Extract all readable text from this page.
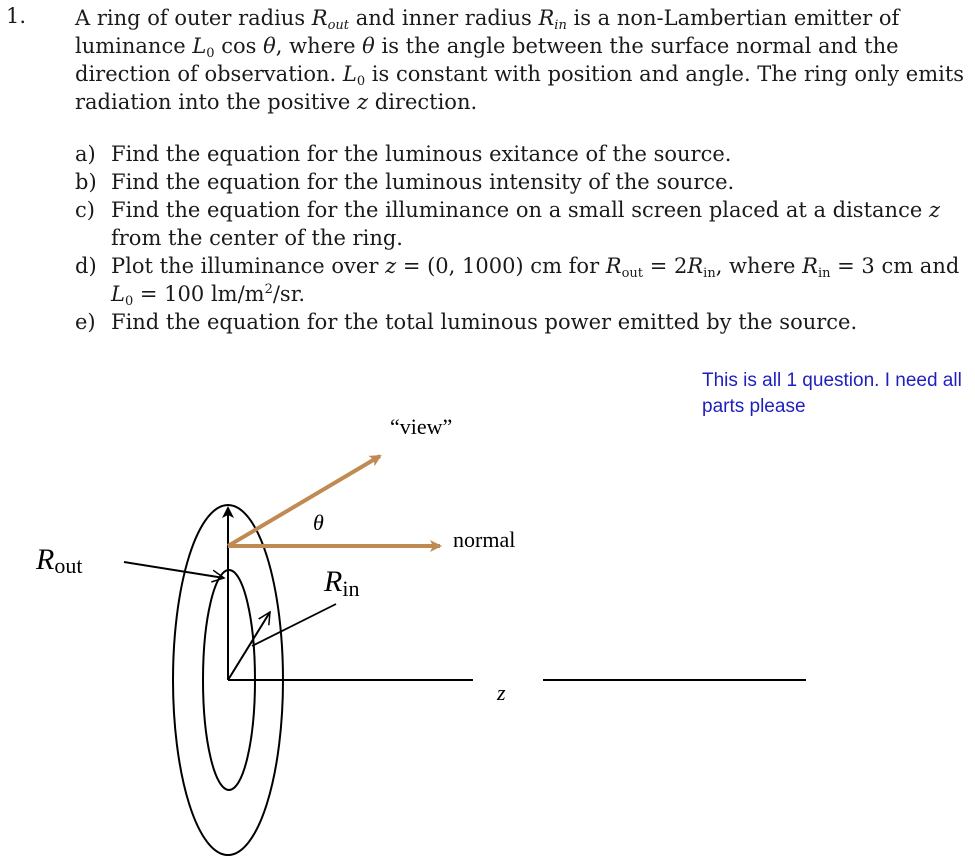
1. A ring of outer radius $R_{out}$ and inner radius $R_{in}$ is a non-Lambertian emitter of luminance $L_0$ cos θ, where θ is the angle between the surface normal and the direction of observation. $L_0$ is constant with position and angle. The ring only emits radiation into the positive z direction.
a) Find the equation for the luminous exitance of the source.
b) Find the equation for the luminous intensity of the source.
c) Find the equation for the illuminance on a small screen placed at a distance z from the center of the ring.
d) Plot the illuminance over z = (0, 1000) cm for $R_{out} = 2R_{in}$, where $R_{in} = 3$ cm and $L_0 = 100$ $lm/m^2/sr$.
e) Find the equation for the total luminous power emitted by the source.
This is all 1 question. I need all parts please
“view”
θ
normal
Rout	Rin
z
